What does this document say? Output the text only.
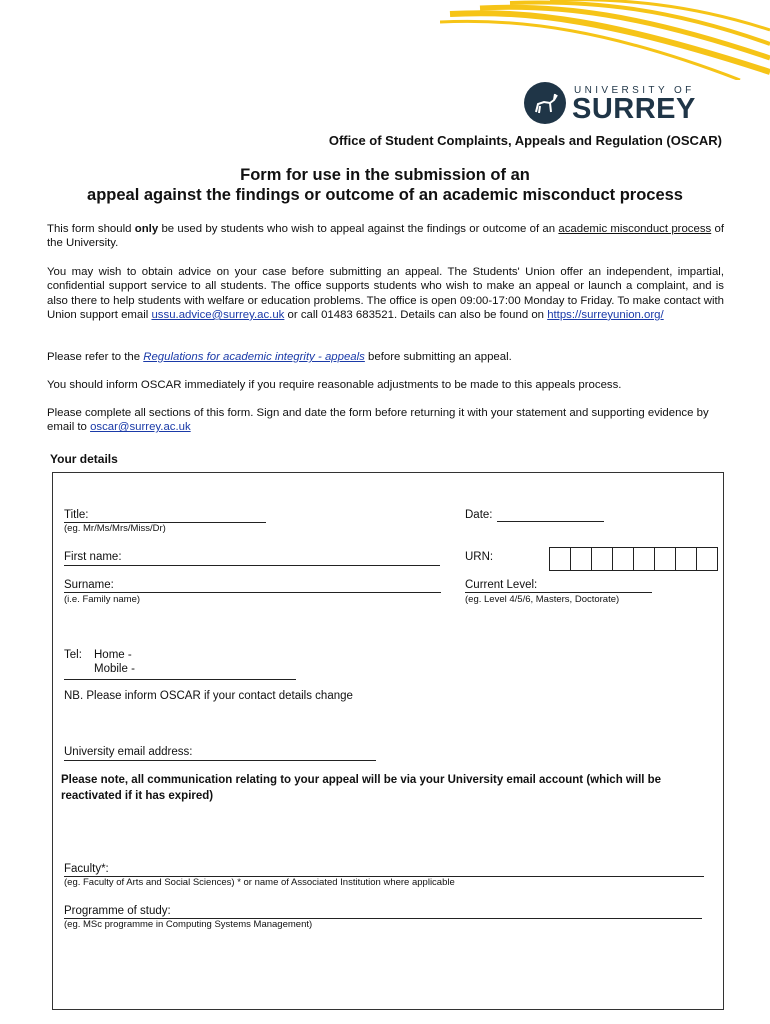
UNIVERSITY OF
SURREY
Office of Student Complaints, Appeals and Regulation (OSCAR)
Form for use in the submission of an
appeal against the findings or outcome of an academic misconduct process
This form should only be used by students who wish to appeal against the findings or outcome of an academic misconduct process of the University.
You may wish to obtain advice on your case before submitting an appeal. The Students' Union offer an independent, impartial, confidential support service to all students. The office supports students who wish to make an appeal or launch a complaint, and is also there to help students with welfare or education problems. The office is open 09:00-17:00 Monday to Friday. To make contact with Union support email ussu.advice@surrey.ac.uk or call 01483 683521. Details can also be found on https://surreyunion.org/
Please refer to the Regulations for academic integrity - appeals before submitting an appeal.
You should inform OSCAR immediately if you require reasonable adjustments to be made to this appeals process.
Please complete all sections of this form. Sign and date the form before returning it with your statement and supporting evidence by email to oscar@surrey.ac.uk
Your details
Title:
(eg. Mr/Ms/Mrs/Miss/Dr)
Date:
First name:	URN:
Surname:
(i.e. Family name)
Current Level:
(eg. Level 4/5/6, Masters, Doctorate)
Tel: Home -
Mobile -
NB. Please inform OSCAR if your contact details change
University email address:
Please note, all communication relating to your appeal will be via your University email account (which will be reactivated if it has expired)
Faculty*:
(eg. Faculty of Arts and Social Sciences) * or name of Associated Institution where applicable
Programme of study:
(eg. MSc programme in Computing Systems Management)
